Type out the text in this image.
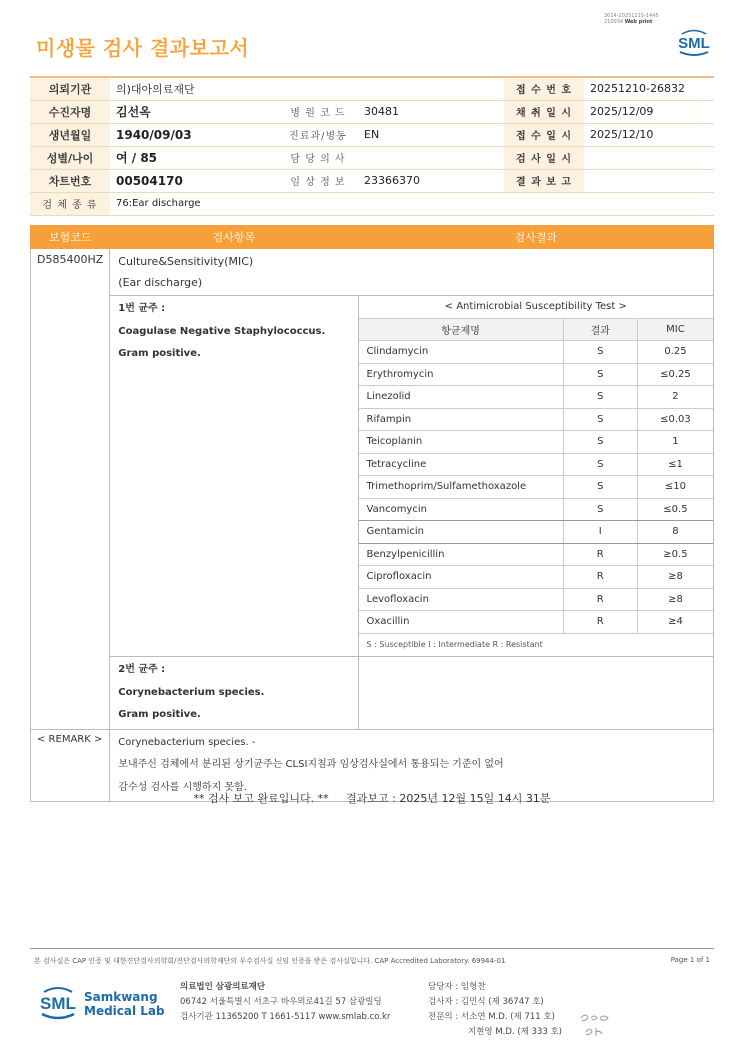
3014-20251215-1445
210034 Web print
미생물 검사 결과보고서	SML
의뢰기관	의)대아의료재단			접 수 번 호	20251210-26832
수진자명	김선옥	병 원 코 드	30481	채 취 일 시	2025/12/09
생년월일	1940/09/03	진료과/병동	EN	접 수 일 시	2025/12/10
성별/나이	여 / 85	담 당 의 사		검 사 일 시	
차트번호	00504170	임 상 정 보	23366370	결 과 보 고	
검 체 종 류	76:Ear discharge				
보험코드	검사항목	검사결과
D585400HZ	Culture&Sensitivity(MIC)
(Ear discharge)

1번 균주 :
Coagulase Negative Staphylococcus.
Gram positive.

< Antimicrobial Susceptibility Test >
항균제명	결과	MIC
Clindamycin	S	0.25
Erythromycin	S	≤0.25
Linezolid	S	2
Rifampin	S	≤0.03
Teicoplanin	S	1
Tetracycline	S	≤1
Trimethoprim/Sulfamethoxazole	S	≤10
Vancomycin	S	≤0.5
Gentamicin	I	8
Benzylpenicillin	R	≥0.5
Ciprofloxacin	R	≥8
Levofloxacin	R	≥8
Oxacillin	R	≥4
S : Susceptible I : Intermediate R : Resistant

2번 균주 :
Corynebacterium species.
Gram positive.

< REMARK >	Corynebacterium species. -
보내주신 검체에서 분리된 상기균주는 CLSI지침과 임상검사실에서 통용되는 기준이 없어
감수성 검사를 시행하지 못함.
** 검사 보고 완료입니다. **     결과보고 : 2025년 12월 15일 14시 31분
본 검사실은 CAP 인증 및 대한진단검사의학회/진단검사의학재단의 우수검사실 신임 인증을 받은 검사실입니다. CAP Accredited Laboratory. 69944-01	Page 1 of 1
SML Samkwang
Medical Lab
의료법인 삼광의료재단
06742 서울특별시 서초구 바우뫼로41길 57 삼광빌딩
검사기관 11365200 T 1661-5117 www.smlab.co.kr
담당자 : 임형찬
검사자 : 김민식 (제 36747 호)
전문의 : 서소연 M.D. (제 711 호)
지현영 M.D. (제 333 호)
